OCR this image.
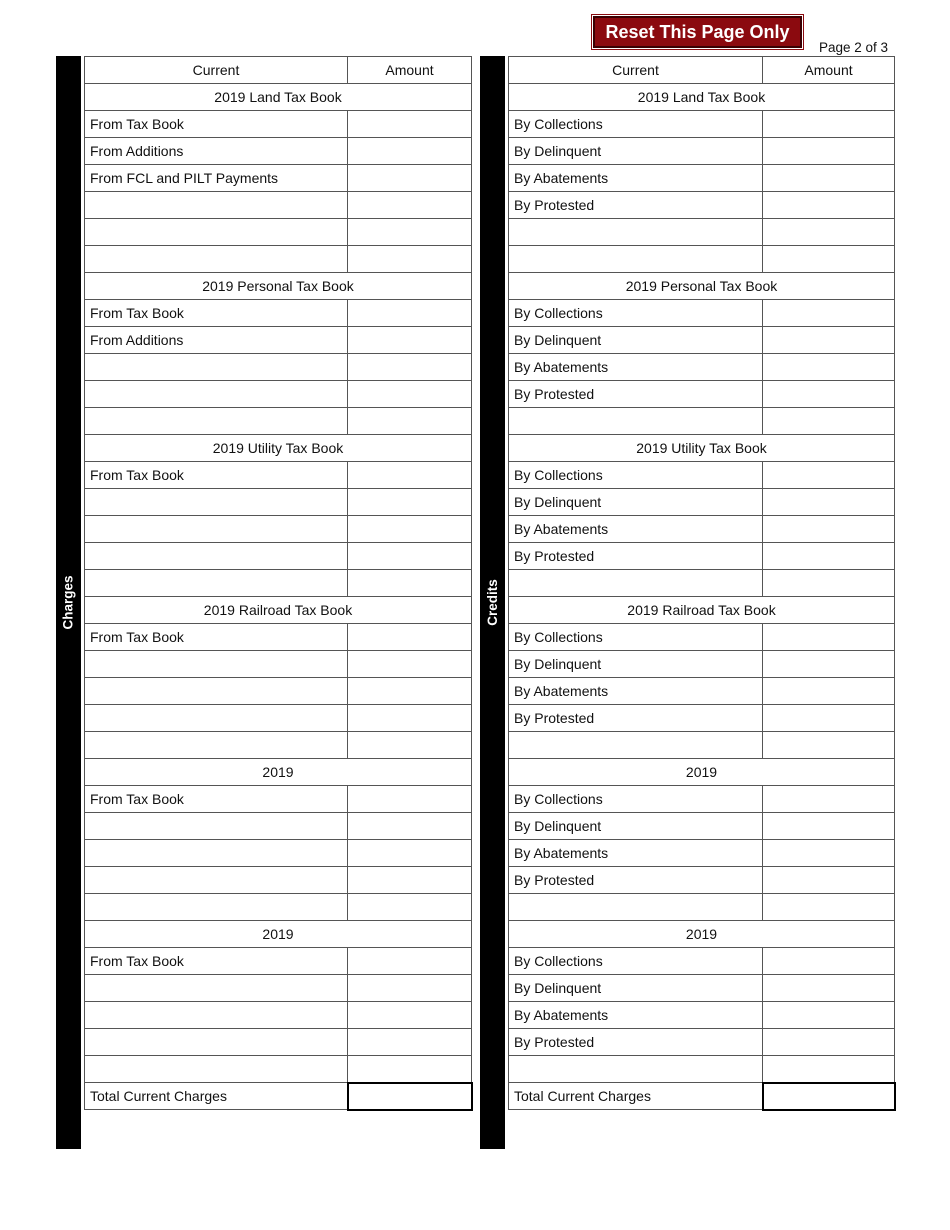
Reset This Page Only
Page 2 of 3
Charges
Current	Amount
2019 Land Tax Book	
From Tax Book	
From Additions	
From FCL and PILT Payments	

2019 Personal Tax Book	
From Tax Book	
From Additions	

2019 Utility Tax Book	
From Tax Book	

2019 Railroad Tax Book	
From Tax Book	

2019	
From Tax Book	

2019	
From Tax Book	

Total Current Charges	
Credits
Current	Amount
2019 Land Tax Book	
By Collections	
By Delinquent	
By Abatements	
By Protested	

2019 Personal Tax Book	
By Collections	
By Delinquent	
By Abatements	
By Protested	

2019 Utility Tax Book	
By Collections	
By Delinquent	
By Abatements	
By Protested	

2019 Railroad Tax Book	
By Collections	
By Delinquent	
By Abatements	
By Protested	

2019	
By Collections	
By Delinquent	
By Abatements	
By Protested	

2019	
By Collections	
By Delinquent	
By Abatements	
By Protested	

Total Current Charges	
